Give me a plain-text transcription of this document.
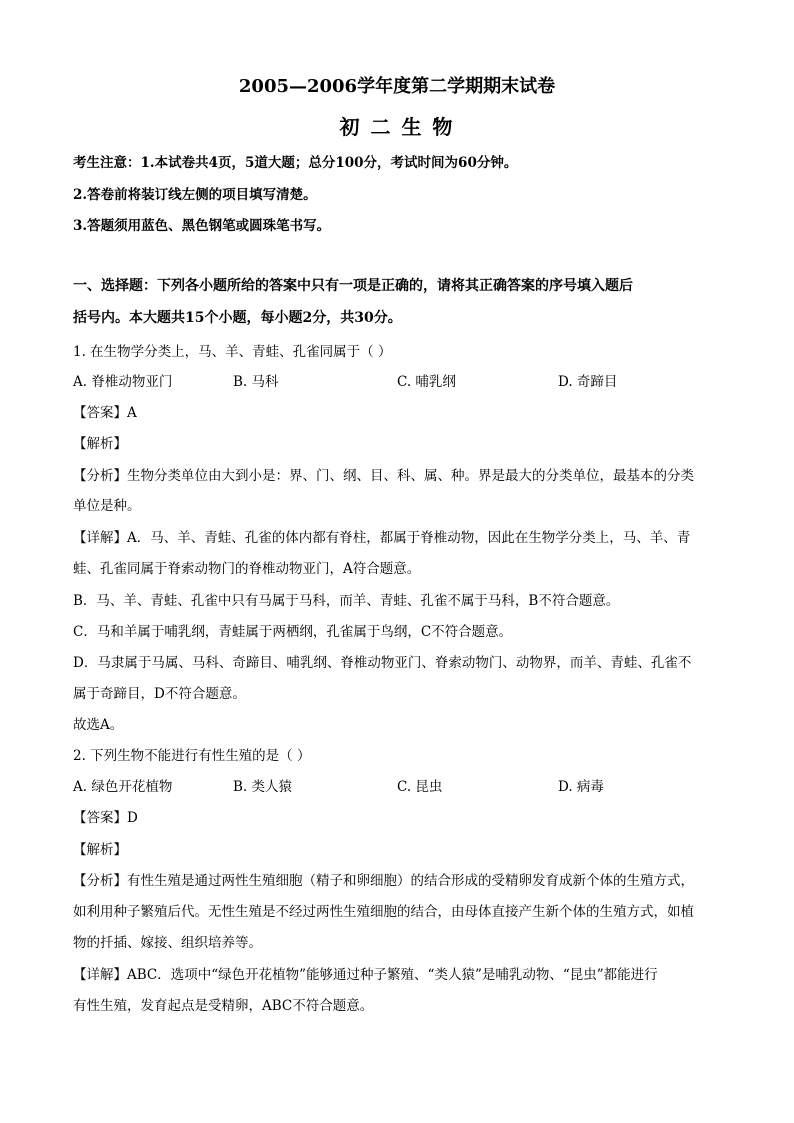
2005—2006学年度第二学期期末试卷
初 二 生 物
考生注意：1.本试卷共4页，5道大题；总分100分，考试时间为60分钟。
2.答卷前将装订线左侧的项目填写清楚。
3.答题须用蓝色、黑色钢笔或圆珠笔书写。
一、选择题：下列各小题所给的答案中只有一项是正确的，请将其正确答案的序号填入题后
括号内。本大题共15个小题，每小题2分，共30分。
1. 在生物学分类上，马、羊、青蛙、孔雀同属于（ ）
A. 脊椎动物亚门	B. 马科	C. 哺乳纲	D. 奇蹄目
【答案】A
【解析】
【分析】生物分类单位由大到小是：界、门、纲、目、科、属、种。界是最大的分类单位，最基本的分类
单位是种。
【详解】A．马、羊、青蛙、孔雀的体内都有脊柱，都属于脊椎动物，因此在生物学分类上，马、羊、青
蛙、孔雀同属于脊索动物门的脊椎动物亚门，A符合题意。
B．马、羊、青蛙、孔雀中只有马属于马科，而羊、青蛙、孔雀不属于马科，B不符合题意。
C．马和羊属于哺乳纲，青蛙属于两栖纲，孔雀属于鸟纲，C不符合题意。
D．马隶属于马属、马科、奇蹄目、哺乳纲、脊椎动物亚门、脊索动物门、动物界，而羊、青蛙、孔雀不
属于奇蹄目，D不符合题意。
故选A。
2. 下列生物不能进行有性生殖的是（ ）
A. 绿色开花植物	B. 类人猿	C. 昆虫	D. 病毒
【答案】D
【解析】
【分析】有性生殖是通过两性生殖细胞（精子和卵细胞）的结合形成的受精卵发育成新个体的生殖方式，
如利用种子繁殖后代。无性生殖是不经过两性生殖细胞的结合，由母体直接产生新个体的生殖方式，如植
物的扦插、嫁接、组织培养等。
【详解】ABC．选项中“绿色开花植物”能够通过种子繁殖、“类人猿”是哺乳动物、“昆虫”都能进行
有性生殖，发育起点是受精卵，ABC不符合题意。
